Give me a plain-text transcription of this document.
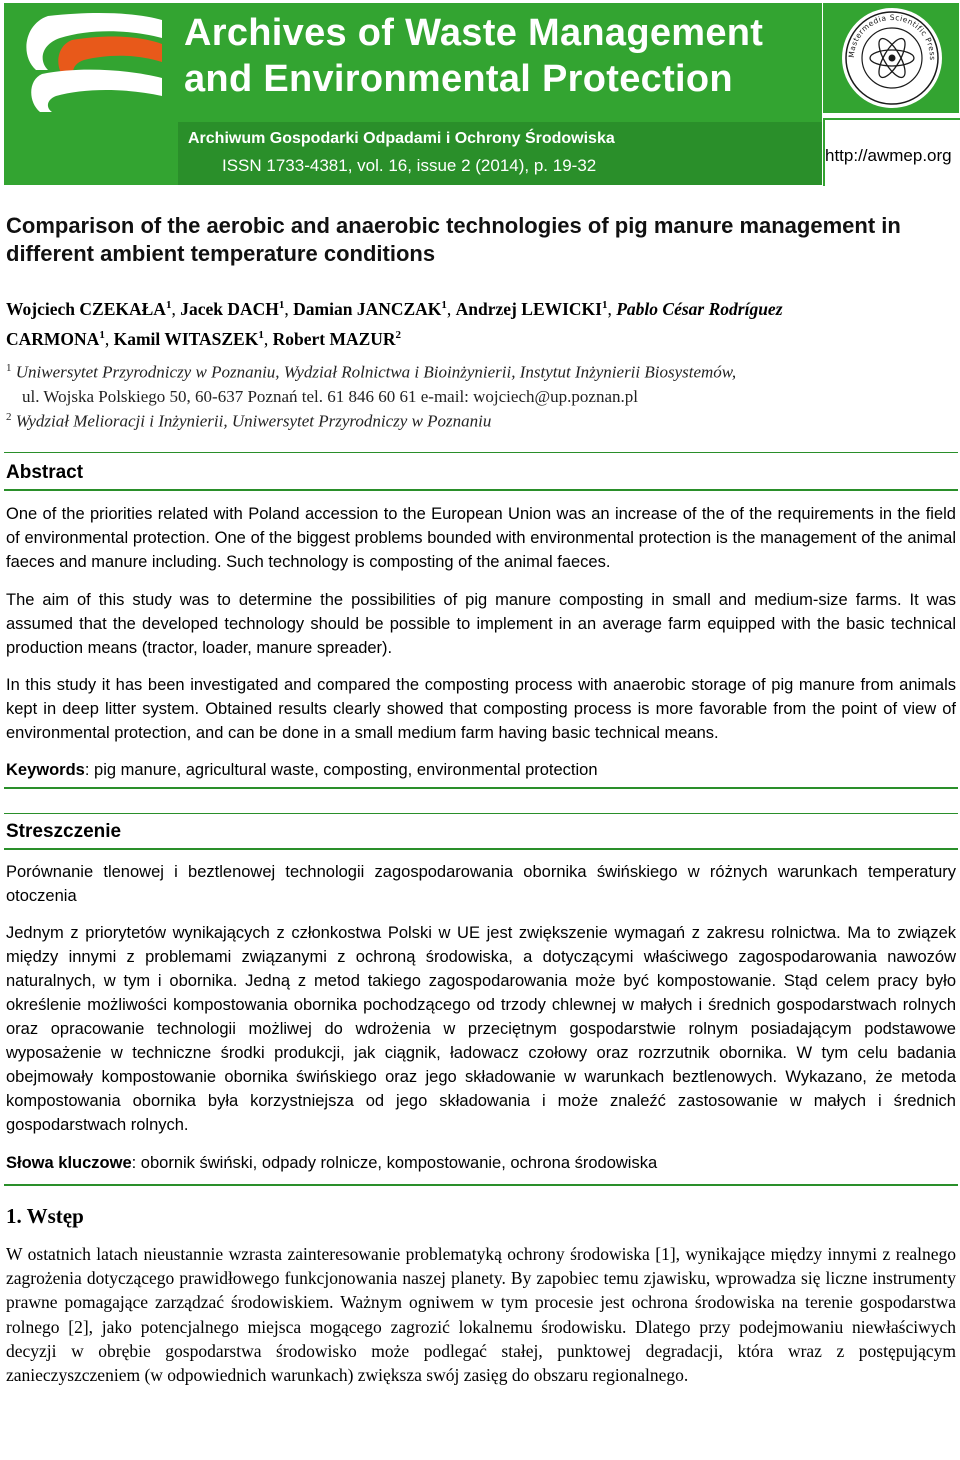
Archives of Waste Management
and Environmental Protection
Archiwum Gospodarki Odpadami i Ochrony Środowiska
ISSN 1733-4381, vol. 16, issue 2 (2014), p. 19-32
Mastermedia Scientific Press
http://awmep.org
Comparison of the aerobic and anaerobic technologies of pig manure management in different ambient temperature conditions
Wojciech CZEKAŁA$^1$, Jacek DACH$^1$, Damian JANCZAK$^1$, Andrzej LEWICKI$^1$, Pablo César Rodríguez
CARMONA$^1$, Kamil WITASZEK$^1$, Robert MAZUR$^2$
$^1$ Uniwersytet Przyrodniczy w Poznaniu, Wydział Rolnictwa i Bioinżynierii, Instytut Inżynierii Biosystemów,
ul. Wojska Polskiego 50, 60-637 Poznań tel. 61 846 60 61 e-mail: wojciech@up.poznan.pl
$^2$ Wydział Melioracji i Inżynierii, Uniwersytet Przyrodniczy w Poznaniu
Abstract
One of the priorities related with Poland accession to the European Union was an increase of the of the requirements in the field of environmental protection. One of the biggest problems bounded with environmental protection is the management of the animal faeces and manure including. Such technology is composting of the animal faeces.
The aim of this study was to determine the possibilities of pig manure composting in small and medium-size farms. It was assumed that the developed technology should be possible to implement in an average farm equipped with the basic technical production means (tractor, loader, manure spreader).
In this study it has been investigated and compared the composting process with anaerobic storage of pig manure from animals kept in deep litter system. Obtained results clearly showed that composting process is more favorable from the point of view of environmental protection, and can be done in a small medium farm having basic technical means.
Keywords: pig manure, agricultural waste, composting, environmental protection
Streszczenie
Porównanie tlenowej i beztlenowej technologii zagospodarowania obornika świńskiego w różnych warunkach temperatury otoczenia
Jednym z priorytetów wynikających z członkostwa Polski w UE jest zwiększenie wymagań z zakresu rolnictwa. Ma to związek między innymi z problemami związanymi z ochroną środowiska, a dotyczącymi właściwego zagospodarowania nawozów naturalnych, w tym i obornika. Jedną z metod takiego zagospodarowania może być kompostowanie. Stąd celem pracy było określenie możliwości kompostowania obornika pochodzącego od trzody chlewnej w małych i średnich gospodarstwach rolnych oraz opracowanie technologii możliwej do wdrożenia w przeciętnym gospodarstwie rolnym posiadającym podstawowe wyposażenie w techniczne środki produkcji, jak ciągnik, ładowacz czołowy oraz rozrzutnik obornika. W tym celu badania obejmowały kompostowanie obornika świńskiego oraz jego składowanie w warunkach beztlenowych. Wykazano, że metoda kompostowania obornika była korzystniejsza od jego składowania i może znaleźć zastosowanie w małych i średnich gospodarstwach rolnych.
Słowa kluczowe: obornik świński, odpady rolnicze, kompostowanie, ochrona środowiska
1. Wstęp
W ostatnich latach nieustannie wzrasta zainteresowanie problematyką ochrony środowiska [1], wynikające między innymi z realnego zagrożenia dotyczącego prawidłowego funkcjonowania naszej planety. By zapobiec temu zjawisku, wprowadza się liczne instrumenty prawne pomagające zarządzać środowiskiem. Ważnym ogniwem w tym procesie jest ochrona środowiska na terenie gospodarstwa rolnego [2], jako potencjalnego miejsca mogącego zagrozić lokalnemu środowisku. Dlatego przy podejmowaniu niewłaściwych decyzji w obrębie gospodarstwa środowisko może podlegać stałej, punktowej degradacji, która wraz z postępującym zanieczyszczeniem (w odpowiednich warunkach) zwiększa swój zasięg do obszaru regionalnego.
